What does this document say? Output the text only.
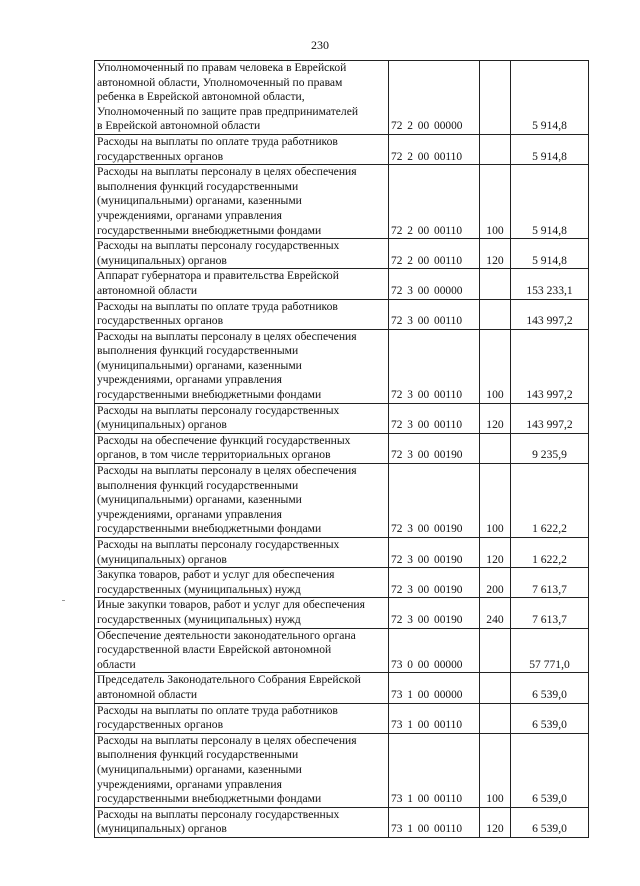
230
Уполномоченный по правам человека в Еврейской
автономной области, Уполномоченный по правам
ребенка в Еврейской автономной области,
Уполномоченный по защите прав предпринимателей
в Еврейской автономной области	72 2 00 00000		5 914,8

Расходы на выплаты по оплате труда работников
государственных органов	72 2 00 00110		5 914,8

Расходы на выплаты персоналу в целях обеспечения
выполнения функций государственными
(муниципальными) органами, казенными
учреждениями, органами управления
государственными внебюджетными фондами	72 2 00 00110	100	5 914,8

Расходы на выплаты персоналу государственных
(муниципальных) органов	72 2 00 00110	120	5 914,8

Аппарат губернатора и правительства Еврейской
автономной области	72 3 00 00000		153 233,1

Расходы на выплаты по оплате труда работников
государственных органов	72 3 00 00110		143 997,2

Расходы на выплаты персоналу в целях обеспечения
выполнения функций государственными
(муниципальными) органами, казенными
учреждениями, органами управления
государственными внебюджетными фондами	72 3 00 00110	100	143 997,2

Расходы на выплаты персоналу государственных
(муниципальных) органов	72 3 00 00110	120	143 997,2

Расходы на обеспечение функций государственных
органов, в том числе территориальных органов	72 3 00 00190		9 235,9

Расходы на выплаты персоналу в целях обеспечения
выполнения функций государственными
(муниципальными) органами, казенными
учреждениями, органами управления
государственными внебюджетными фондами	72 3 00 00190	100	1 622,2

Расходы на выплаты персоналу государственных
(муниципальных) органов	72 3 00 00190	120	1 622,2

Закупка товаров, работ и услуг для обеспечения
государственных (муниципальных) нужд	72 3 00 00190	200	7 613,7

Иные закупки товаров, работ и услуг для обеспечения
государственных (муниципальных) нужд	72 3 00 00190	240	7 613,7

Обеспечение деятельности законодательного органа
государственной власти Еврейской автономной
области	73 0 00 00000		57 771,0

Председатель Законодательного Собрания Еврейской
автономной области	73 1 00 00000		6 539,0

Расходы на выплаты по оплате труда работников
государственных органов	73 1 00 00110		6 539,0

Расходы на выплаты персоналу в целях обеспечения
выполнения функций государственными
(муниципальными) органами, казенными
учреждениями, органами управления
государственными внебюджетными фондами	73 1 00 00110	100	6 539,0

Расходы на выплаты персоналу государственных
(муниципальных) органов	73 1 00 00110	120	6 539,0
